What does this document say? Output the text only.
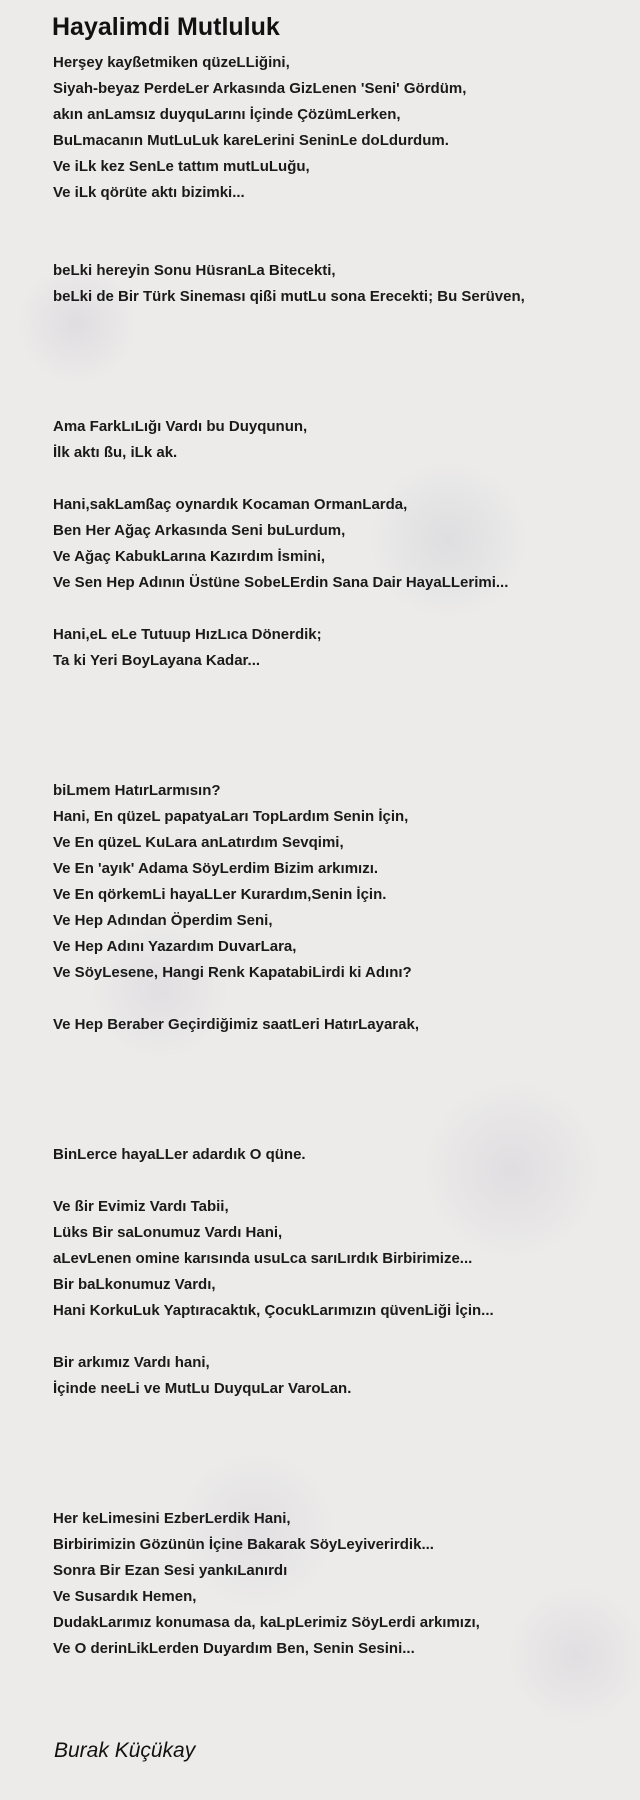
Hayalimdi Mutluluk
Herşey kayßetmiken qüzeLLiğini,
Siyah-beyaz PerdeLer Arkasında GizLenen 'Seni' Gördüm,
akın anLamsız duyquLarını İçinde ÇözümLerken,
BuLmacanın MutLuLuk kareLerini SeninLe doLdurdum.
Ve iLk kez SenLe tattım mutLuLuğu,
Ve iLk qörüte aktı bizimki...
beLki hereyin Sonu HüsranLa Bitecekti,
beLki de Bir Türk Sineması qißi mutLu sona Erecekti; Bu Serüven,
Ama FarkLıLığı Vardı bu Duyqunun,
İlk aktı ßu, iLk ak.
Hani,sakLamßaç oynardık Kocaman OrmanLarda,
Ben Her Ağaç Arkasında Seni buLurdum,
Ve Ağaç KabukLarına Kazırdım İsmini,
Ve Sen Hep Adının Üstüne SobeLErdin Sana Dair HayaLLerimi...
Hani,eL eLe Tutuup HızLıca Dönerdik;
Ta ki Yeri BoyLayana Kadar...
biLmem HatırLarmısın?
Hani, En qüzeL papatyaLarı TopLardım Senin İçin,
Ve En qüzeL KuLara anLatırdım Sevqimi,
Ve En 'ayık' Adama SöyLerdim Bizim arkımızı.
Ve En qörkemLi hayaLLer Kurardım,Senin İçin.
Ve Hep Adından Öperdim Seni,
Ve Hep Adını Yazardım DuvarLara,
Ve SöyLesene, Hangi Renk KapatabiLirdi ki Adını?
Ve Hep Beraber Geçirdiğimiz saatLeri HatırLayarak,
BinLerce hayaLLer adardık O qüne.
Ve ßir Evimiz Vardı Tabii,
Lüks Bir saLonumuz Vardı Hani,
aLevLenen omine karısında usuLca sarıLırdık Birbirimize...
Bir baLkonumuz Vardı,
Hani KorkuLuk Yaptıracaktık, ÇocukLarımızın qüvenLiği İçin...
Bir arkımız Vardı hani,
İçinde neeLi ve MutLu DuyquLar VaroLan.
Her keLimesini EzberLerdik Hani,
Birbirimizin Gözünün İçine Bakarak SöyLeyiverirdik...
Sonra Bir Ezan Sesi yankıLanırdı
Ve Susardık Hemen,
DudakLarımız konumasa da, kaLpLerimiz SöyLerdi arkımızı,
Ve O derinLikLerden Duyardım Ben, Senin Sesini...
Burak Küçükay
